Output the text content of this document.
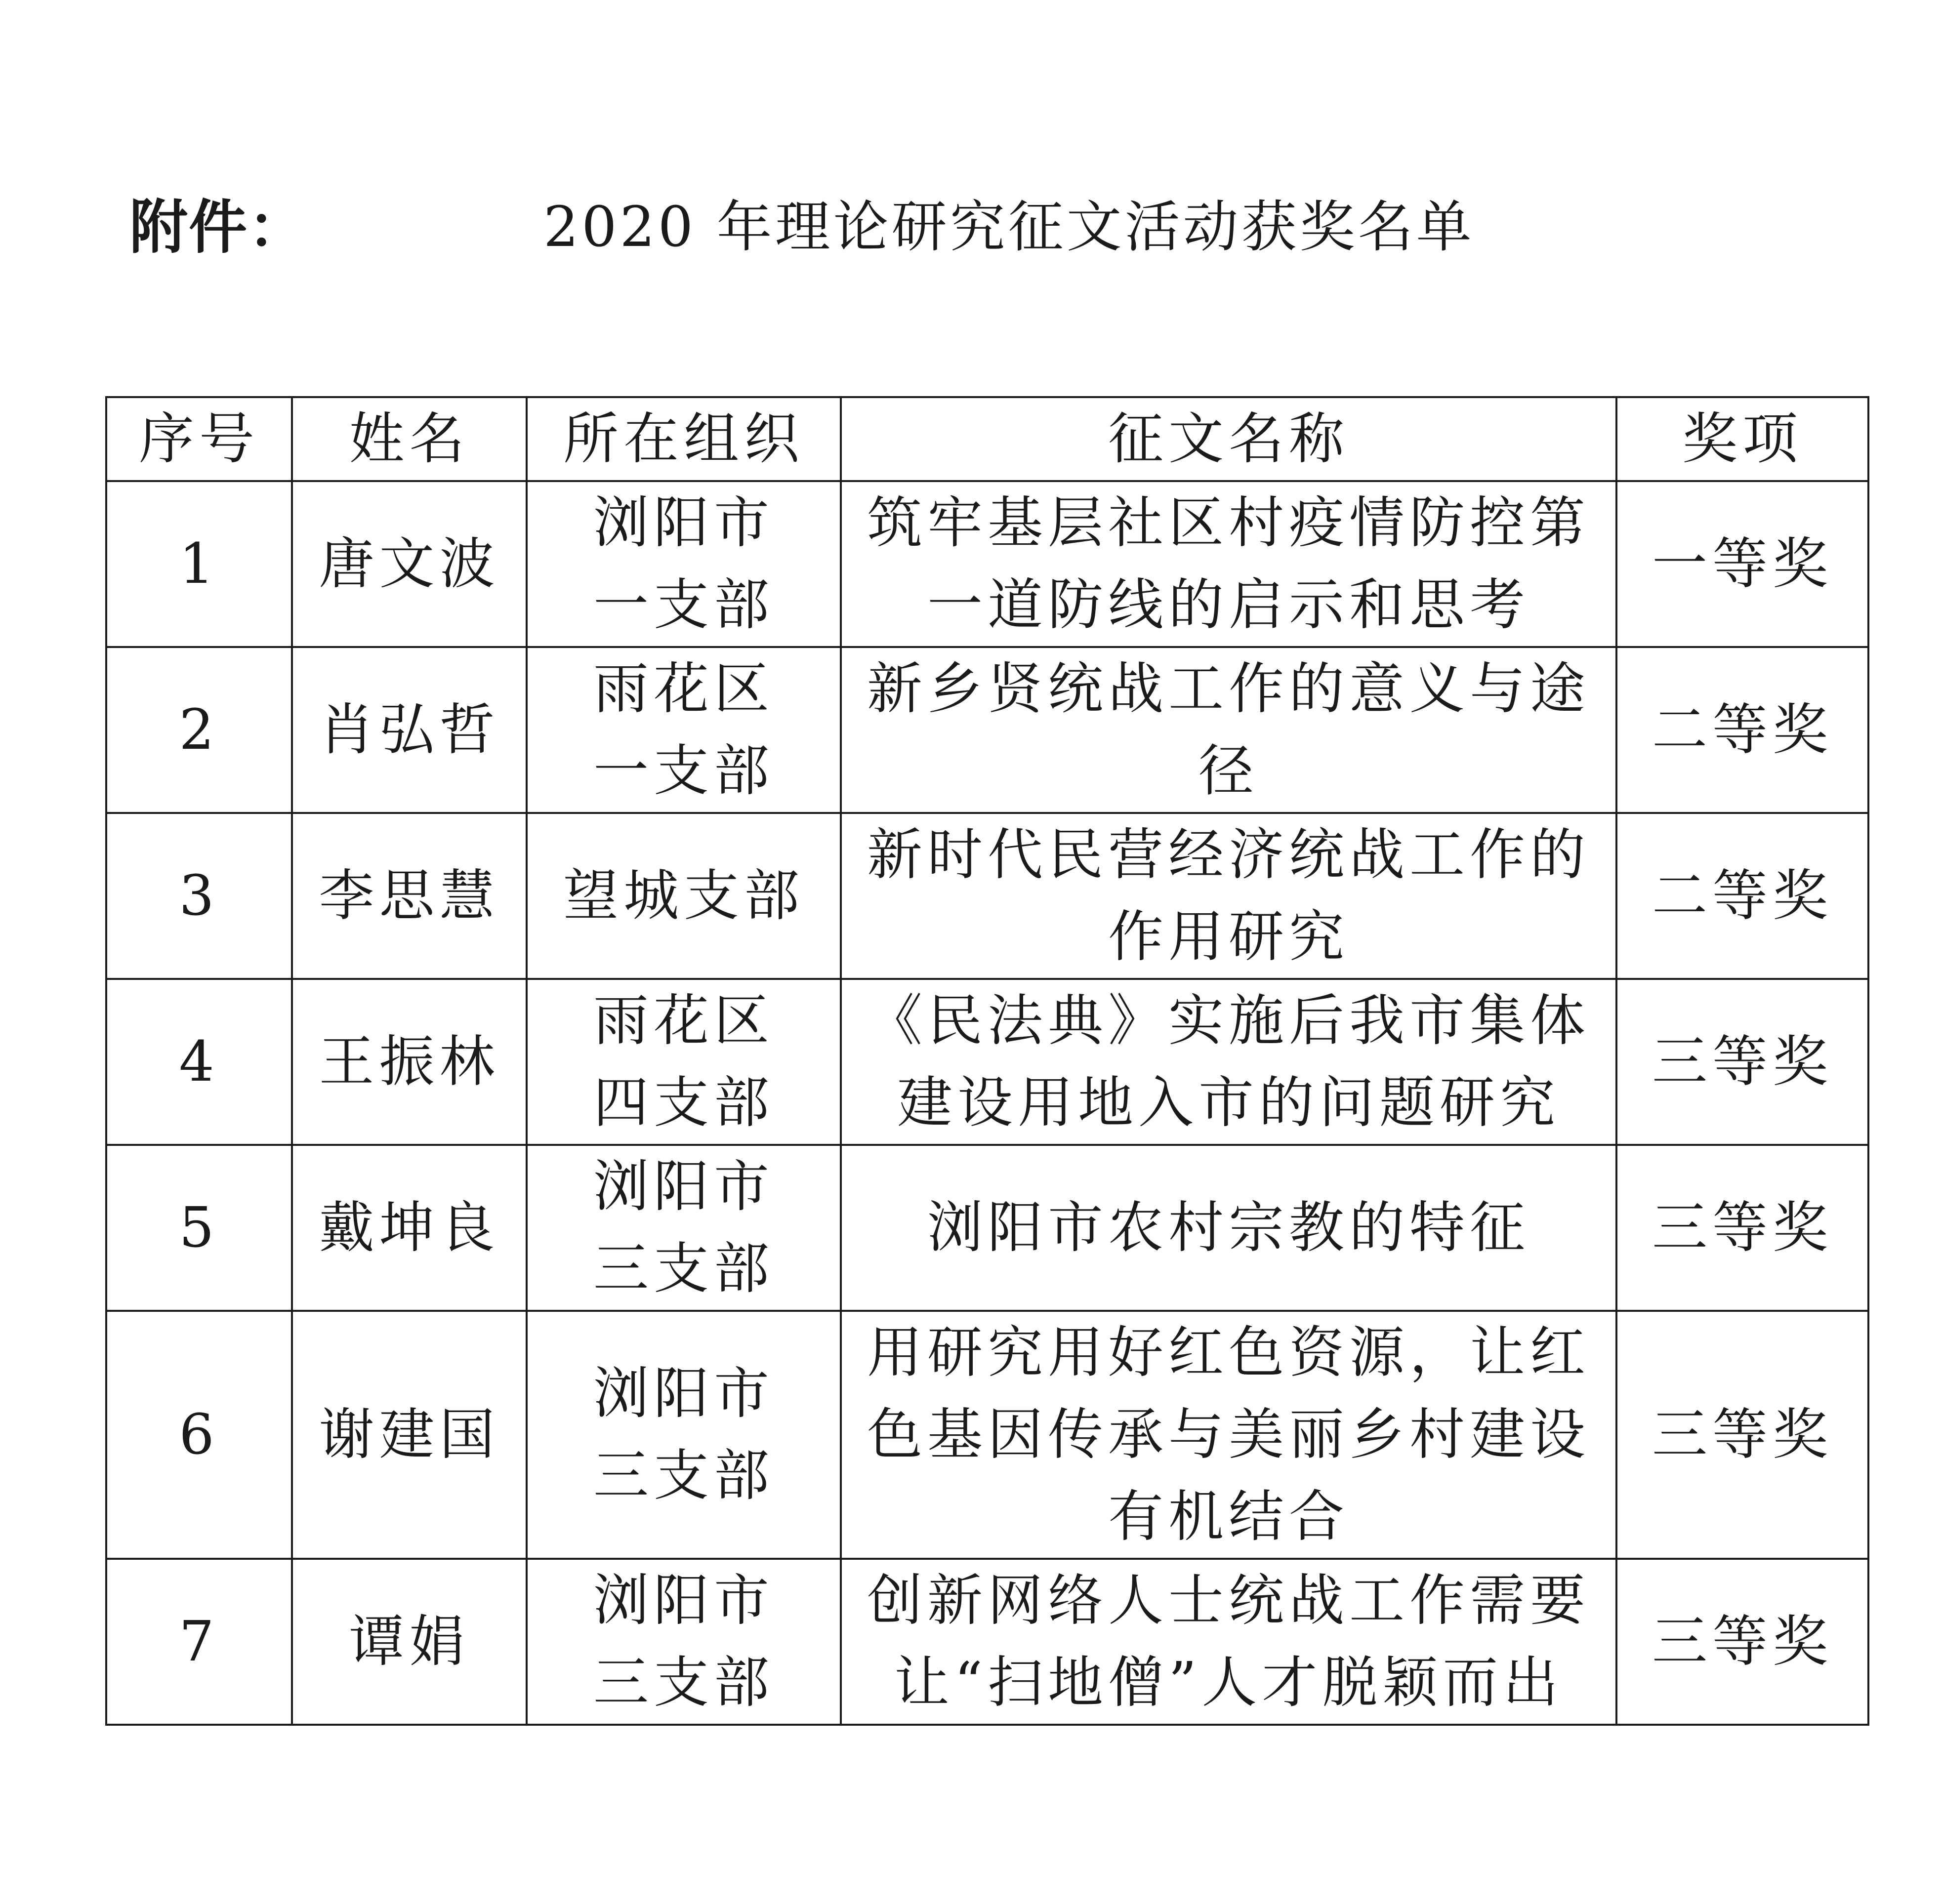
附件：	2020 年理论研究征文活动获奖名单
序号	姓名	所在组织	征文名称	奖项
1	唐文波	浏阳市一支部	筑牢基层社区村疫情防控第一道防线的启示和思考	一等奖
2	肖弘哲	雨花区一支部	新乡贤统战工作的意义与途径	二等奖
3	李思慧	望城支部	新时代民营经济统战工作的作用研究	二等奖
4	王振林	雨花区四支部	《民法典》实施后我市集体建设用地入市的问题研究	三等奖
5	戴坤良	浏阳市三支部	浏阳市农村宗教的特征	三等奖
6	谢建国	浏阳市三支部	用研究用好红色资源，让红色基因传承与美丽乡村建设有机结合	三等奖
7	谭娟	浏阳市三支部	创新网络人士统战工作需要让“扫地僧”人才脱颖而出	三等奖
